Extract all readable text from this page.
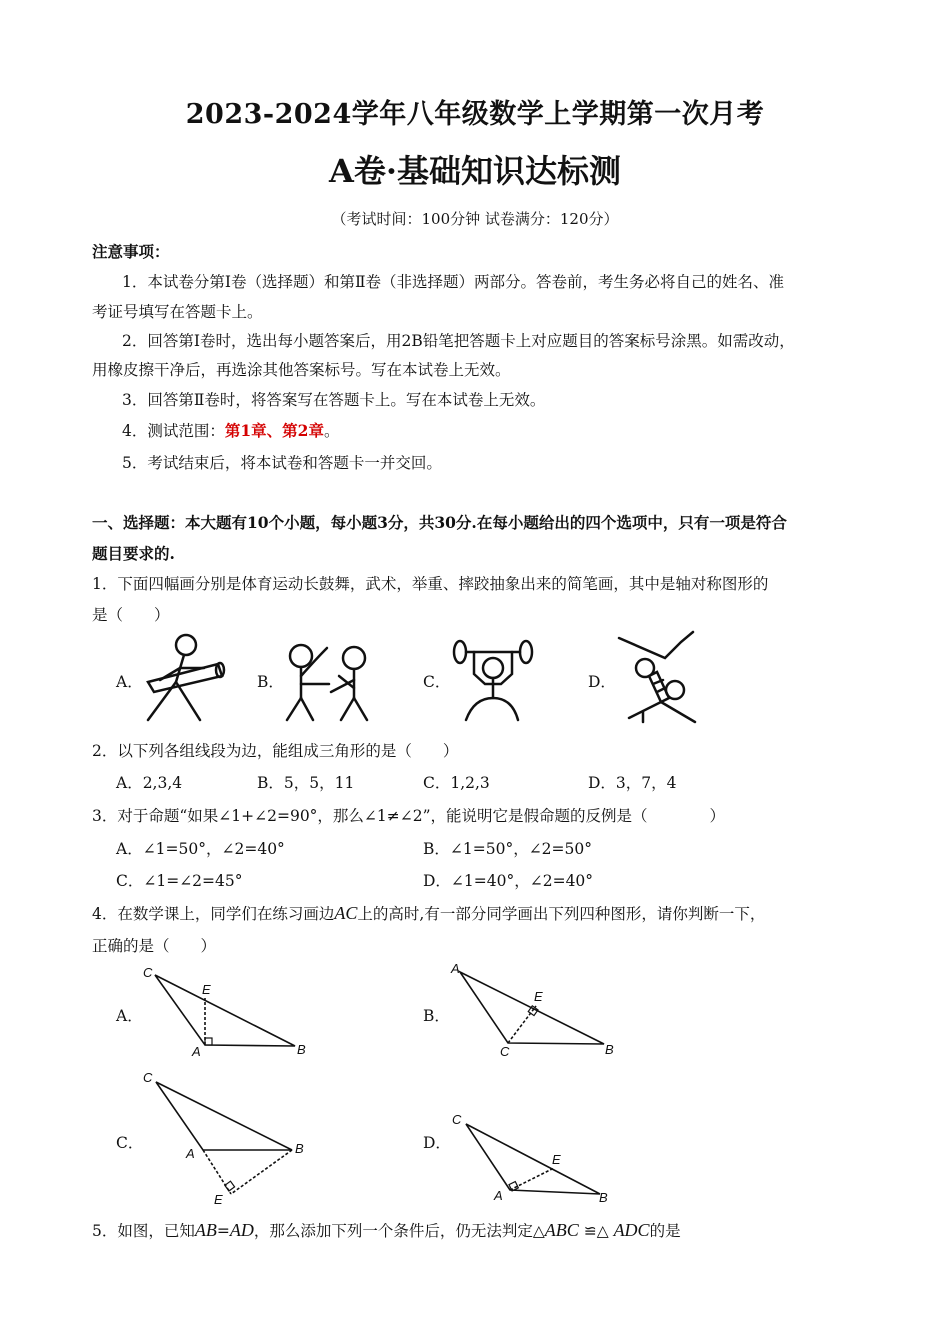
2023-2024学年八年级数学上学期第一次月考
A卷·基础知识达标测
（考试时间：100分钟 试卷满分：120分）
注意事项：
1．本试卷分第Ⅰ卷（选择题）和第Ⅱ卷（非选择题）两部分。答卷前，考生务必将自己的姓名、准
考证号填写在答题卡上。
2．回答第Ⅰ卷时，选出每小题答案后，用2B铅笔把答题卡上对应题目的答案标号涂黑。如需改动，
用橡皮擦干净后，再选涂其他答案标号。写在本试卷上无效。
3．回答第Ⅱ卷时，将答案写在答题卡上。写在本试卷上无效。
4．测试范围：第1章、第2章。
5．考试结束后，将本试卷和答题卡一并交回。
一、选择题：本大题有10个小题，每小题3分，共30分.在每小题给出的四个选项中，只有一项是符合
题目要求的.
1．下面四幅画分别是体育运动长鼓舞，武术，举重、摔跤抽象出来的简笔画，其中是轴对称图形的
是（　　）
A．	B．	C．	D．
2．以下列各组线段为边，能组成三角形的是（　　）
A．2,3,4	B．5，5，11	C．1,2,3	D．3，7，4
3．对于命题“如果∠1+∠2=90°，那么∠1≠∠2”，能说明它是假命题的反例是（　　　　）
A．∠1=50°，∠2=40°	B．∠1=50°，∠2=50°
C．∠1=∠2=45°	D．∠1=40°，∠2=40°
4．在数学课上，同学们在练习画边AC上的高时,有一部分同学画出下列四种图形，请你判断一下，
正确的是（　　）
A．	B．
C．	D．
C
E
A	B
A
E
C	B
C
A	B
E
C
E
A	B
5．如图，已知AB=AD，那么添加下列一个条件后，仍无法判定△ABC ≌△ ADC的是
